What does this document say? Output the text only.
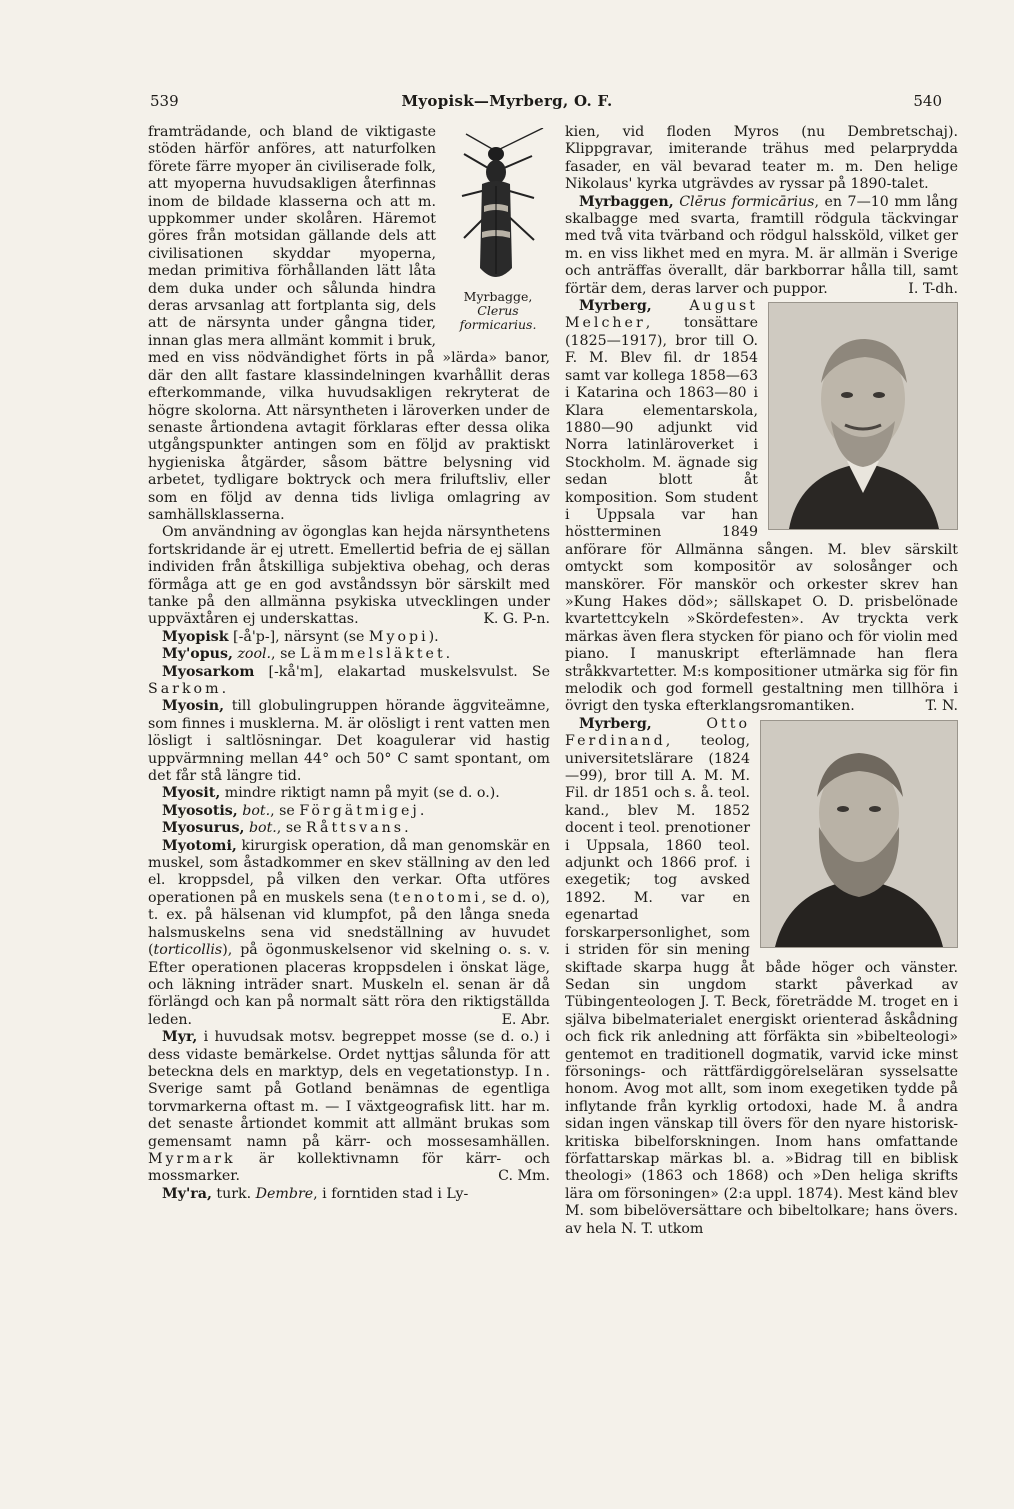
539	Myopisk—Myrberg, O. F.	540
Myrbagge,
Clerus formicarius.

framträdande, och bland de viktigaste stöden härför anföres, att naturfolken förete färre myoper än civiliserade folk, att myoperna huvudsakligen återfinnas inom de bildade klasserna och att m. uppkommer under skolåren. Häremot göres från motsidan gällande dels att civilisationen skyddar myoperna, medan primitiva förhållanden lätt låta dem duka under och sålunda hindra deras arvsanlag att fortplanta sig, dels att de närsynta under gångna tider, innan glas mera allmänt kommit i bruk, med en viss nödvändighet förts in på »lärda» banor, där den allt fastare klassindelningen kvarhållit deras efterkommande, vilka huvudsakligen rekryterat de högre skolorna. Att närsyntheten i läroverken under de senaste årtiondena avtagit förklaras efter dessa olika utgångspunkter antingen som en följd av praktiskt hygieniska åtgärder, såsom bättre belysning vid arbetet, tydligare boktryck och mera friluftsliv, eller som en följd av denna tids livliga omlagring av samhällsklasserna.

Om användning av ögonglas kan hejda närsynthetens fortskridande är ej utrett. Emellertid befria de ej sällan individen från åtskilliga subjektiva obehag, och deras förmåga att ge en god avståndssyn bör särskilt med tanke på den allmänna psykiska utvecklingen under uppväxtåren ej underskattas.	K. G. P-n.

Myopisk [-å'p-], närsynt (se Myopi).

My'opus, zool., se Lämmelsläktet.

Myosarkom [-kå'm], elakartad muskelsvulst. Se Sarkom.

Myosin, till globulingruppen hörande äggviteämne, som finnes i musklerna. M. är olösligt i rent vatten men lösligt i saltlösningar. Det koagulerar vid hastig uppvärmning mellan 44° och 50° C samt spontant, om det får stå längre tid.

Myosit, mindre riktigt namn på myit (se d. o.).

Myosotis, bot., se Förgätmigej.

Myosurus, bot., se Råttsvans.

Myotomi, kirurgisk operation, då man genomskär en muskel, som åstadkommer en skev ställning av den led el. kroppsdel, på vilken den verkar. Ofta utföres operationen på en muskels sena (tenotomi, se d. o), t. ex. på hälsenan vid klumpfot, på den långa sneda halsmuskelns sena vid snedställning av huvudet (torticollis), på ögonmuskelsenor vid skelning o. s. v. Efter operationen placeras kroppsdelen i önskat läge, och läkning inträder snart. Muskeln el. senan är då förlängd och kan på normalt sätt röra den riktigställda leden.	E. Abr.

Myr, i huvudsak motsv. begreppet mosse (se d. o.) i dess vidaste bemärkelse. Ordet nyttjas sålunda för att beteckna dels en marktyp, dels en vegetationstyp. In. Sverige samt på Gotland benämnas de egentliga torvmarkerna oftast m. — I växtgeografisk litt. har m. det senaste årtiondet kommit att allmänt brukas som gemensamt namn på kärr- och mossesamhällen. Myrmark är kollektivnamn för kärr- och mossmarker.	C. Mm.

My'ra, turk. Dembre, i forntiden stad i Ly-

kien, vid floden Myros (nu Dembretschaj). Klippgravar, imiterande trähus med pelarprydda fasader, en väl bevarad teater m. m. Den helige Nikolaus' kyrka utgrävdes av ryssar på 1890-talet.

Myrbaggen, Clērus formicārius, en 7—10 mm lång skalbagge med svarta, framtill rödgula täckvingar med två vita tvärband och rödgul halssköld, vilket ger m. en viss likhet med en myra. M. är allmän i Sverige och anträffas överallt, där barkborrar hålla till, samt förtär dem, deras larver och puppor.	I. T-dh.

Myrberg,	August Melcher, tonsättare (1825—1917), bror till O. F. M. Blev fil. dr 1854 samt var kollega 1858—63 i Katarina och 1863—80 i Klara elementarskola, 1880—90 adjunkt vid Norra latinläroverket i Stockholm. M. ägnade sig sedan blott åt komposition. Som student i Uppsala var han höstterminen 1849 anförare för Allmänna sången. M. blev särskilt omtyckt som kompositör av solosånger och manskörer. För manskör och orkester skrev han »Kung Hakes död»; sällskapet O. D. prisbelönade kvartettcykeln »Skördefesten». Av tryckta verk märkas även flera stycken för piano och för violin med piano. I manuskript efterlämnade han flera stråkkvartetter. M:s kompositioner utmärka sig för fin melodik och god formell gestaltning men tillhöra i övrigt den tyska efterklangsromantiken.	T. N.

Myrberg,	Otto Ferdinand, teolog, universitetslärare (1824—99), bror till A. M. M. Fil. dr 1851 och s. å. teol. kand., blev M. 1852 docent i teol. prenotioner i Uppsala, 1860 teol. adjunkt och 1866 prof. i exegetik; tog avsked 1892. M. var en egenartad forskarpersonlighet, som i striden för sin mening skiftade skarpa hugg åt både höger och vänster. Sedan sin ungdom starkt påverkad av Tübingenteologen J. T. Beck, företrädde M. troget en i själva bibelmaterialet energiskt orienterad åskådning och fick rik anledning att förfäkta sin »bibelteologi» gentemot en traditionell dogmatik, varvid icke minst försonings- och rättfärdiggörelseläran sysselsatte honom. Avog mot allt, som inom exegetiken tydde på inflytande från kyrklig ortodoxi, hade M. å andra sidan ingen vänskap till övers för den nyare historisk-kritiska bibelforskningen. Inom hans omfattande författarskap märkas bl. a. »Bidrag till en biblisk theologi» (1863 och 1868) och »Den heliga skrifts lära om försoningen» (2:a uppl. 1874). Mest känd blev M. som bibelöversättare och bibeltolkare; hans övers. av hela N. T. utkom
